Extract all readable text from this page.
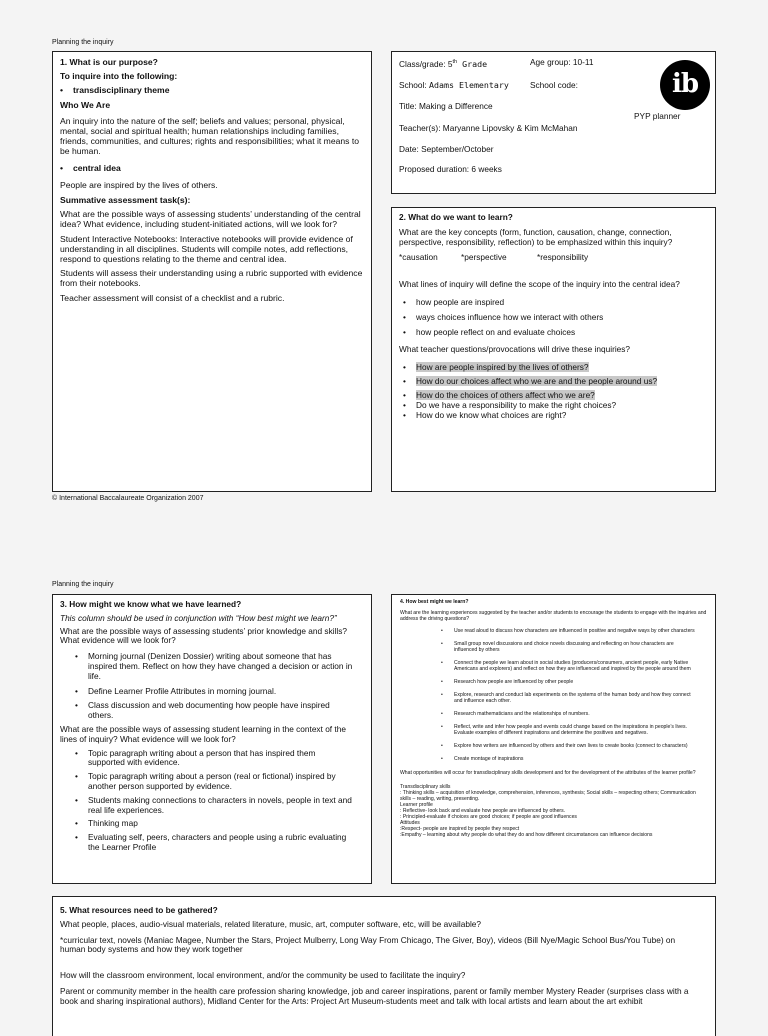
Planning the inquiry

1. What is our purpose?

To inquire into the following:

• transdisciplinary theme

Who We Are

An inquiry into the nature of the self; beliefs and values; personal, physical, mental, social and spiritual health; human relationships including families, friends, communities, and cultures; rights and responsibilities; what it means to be human.

• central idea

People are inspired by the lives of others.

Summative assessment task(s):

What are the possible ways of assessing students’ understanding of the central idea? What evidence, including student-initiated actions, will we look for?

Student Interactive Notebooks: Interactive notebooks will provide evidence of understanding in all disciplines. Students will compile notes, add reflections, respond to questions relating to the theme and central idea.

Students will assess their understanding using a rubric supported with evidence from their notebooks.

Teacher assessment will consist of a checklist and a rubric.

Class/grade: 5th Grade	Age group: 10-11
School: Adams Elementary	School code:
Title: Making a Difference
Teacher(s): Maryanne Lipovsky & Kim McMahan
Date: September/October
Proposed duration: 6 weeks
ib
PYP planner

2. What do we want to learn?

What are the key concepts (form, function, causation, change, connection, perspective, responsibility, reflection) to be emphasized within this inquiry?

*causation	*perspective	*responsibility

What lines of inquiry will define the scope of the inquiry into the central idea?

• how people are inspired
• ways choices influence how we interact with others
• how people reflect on and evaluate choices

What teacher questions/provocations will drive these inquiries?

• How are people inspired by the lives of others?
• How do our choices affect who we are and the people around us?
• How do the choices of others affect who we are?
• Do we have a responsibility to make the right choices?
• How do we know what choices are right?
© International Baccalaureate Organization 2007
Planning the inquiry

3. How might we know what we have learned?

This column should be used in conjunction with “How best might we learn?”

What are the possible ways of assessing students’ prior knowledge and skills? What evidence will we look for?

• Morning journal (Denizen Dossier) writing about someone that has inspired them. Reflect on how they have changed a decision or action in life.
• Define Learner Profile Attributes in morning journal.
• Class discussion and web documenting how people have inspired others.

What are the possible ways of assessing student learning in the context of the lines of inquiry? What evidence will we look for?

• Topic paragraph writing about a person that has inspired them supported with evidence.
• Topic paragraph writing about a person (real or fictional) inspired by another person supported by evidence.
• Students making connections to characters in novels, people in text and real life experiences.
• Thinking map
• Evaluating self, peers, characters and people using a rubric evaluating the Learner Profile

4. How best might we learn?

What are the learning experiences suggested by the teacher and/or students to encourage the students to engage with the inquiries and address the driving questions?

• Use read aloud to discuss how characters are influenced in positive and negative ways by other characters
• Small group novel discussions and choice novels discussing and reflecting on how characters are influenced by others
• Connect the people we learn about in social studies (producers/consumers, ancient people, early Native Americans and explorers) and reflect on how they are influenced and inspired by the people around them
• Research how people are influenced by other people
• Explore, research and conduct lab experiments on the systems of the human body and how they connect and influence each other.
• Research mathematicians and the relationships of numbers.
• Reflect, write and infer how people and events could change based on the inspirations in people’s lives. Evaluate examples of different inspirations and determine the positives and negatives.
• Explore how writers are influenced by others and their own lives to create books (connect to characters)
• Create montage of inspirations

What opportunities will occur for transdisciplinary skills development and for the development of the attributes of the learner profile?

Transdisciplinary skills

: Thinking skills – acquisition of knowledge, comprehension, inferences, synthesis; Social skills – respecting others; Communication skills – reading, writing, presenting.

Learner profile

: Reflective- look back and evaluate how people are influenced by others.

: Principled-evaluate if choices are good choices; if people are good influences

Attitudes

:Respect- people are inspired by people they respect

:Empathy – learning about why people do what they do and how different circumstances can influence decisions

5. What resources need to be gathered?

What people, places, audio-visual materials, related literature, music, art, computer software, etc, will be available?

*curricular text, novels (Maniac Magee, Number the Stars, Project Mulberry, Long Way From Chicago, The Giver, Boy), videos (Bill Nye/Magic School Bus/You Tube) on human body systems and how they work together

How will the classroom environment, local environment, and/or the community be used to facilitate the inquiry?

Parent or community member in the health care profession sharing knowledge, job and career inspirations, parent or family member Mystery Reader (surprises class with a book and sharing inspirational authors), Midland Center for the Arts: Project Art Museum-students meet and talk with local artists and learn about the art exhibit
